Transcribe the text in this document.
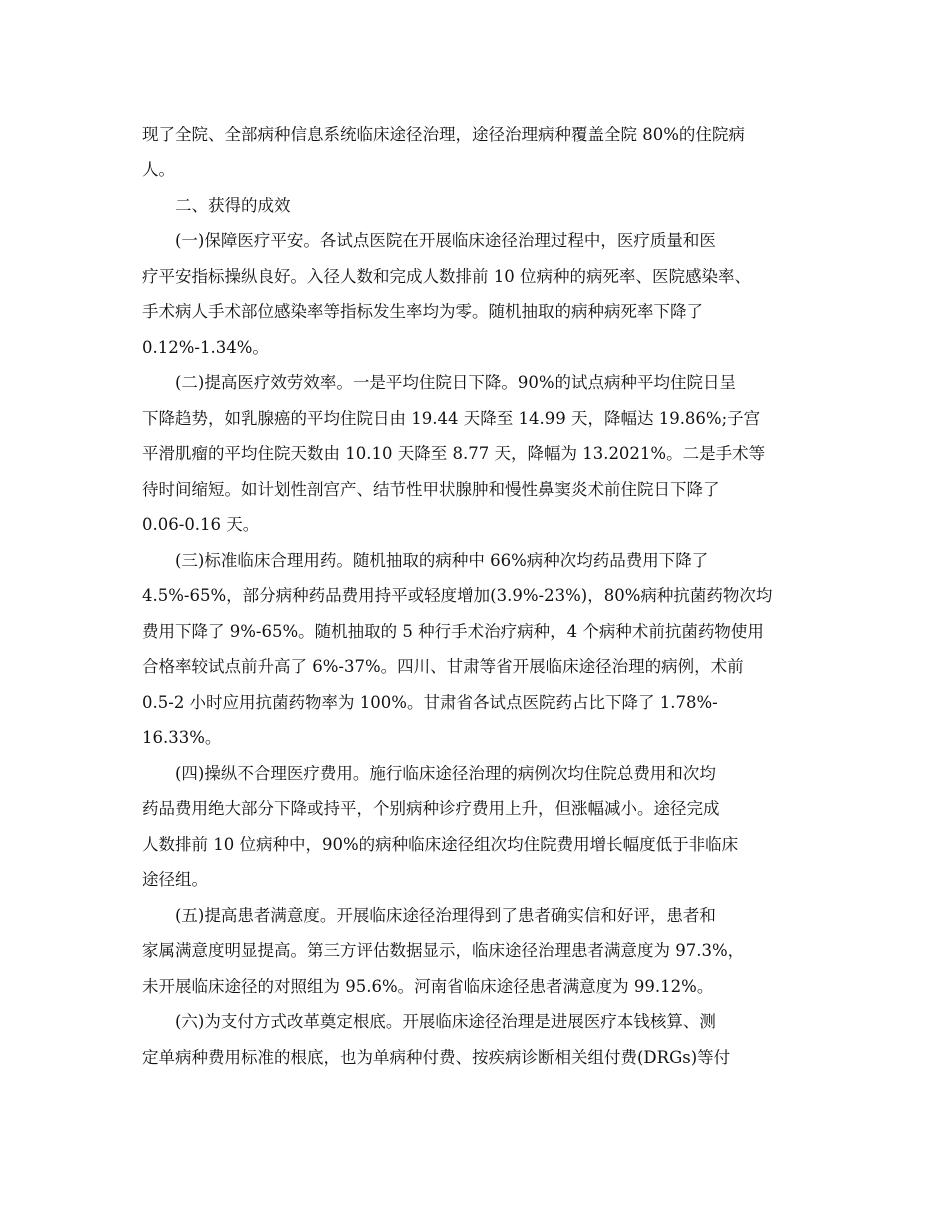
现了全院、全部病种信息系统临床途径治理，途径治理病种覆盖全院 80%的住院病
人。
二、获得的成效
(一)保障医疗平安。各试点医院在开展临床途径治理过程中，医疗质量和医
疗平安指标操纵良好。入径人数和完成人数排前 10 位病种的病死率、医院感染率、
手术病人手术部位感染率等指标发生率均为零。随机抽取的病种病死率下降了
0.12%-1.34%。
(二)提高医疗效劳效率。一是平均住院日下降。90%的试点病种平均住院日呈
下降趋势，如乳腺癌的平均住院日由 19.44 天降至 14.99 天，降幅达 19.86%;子宫
平滑肌瘤的平均住院天数由 10.10 天降至 8.77 天，降幅为 13.2021%。二是手术等
待时间缩短。如计划性剖宫产、结节性甲状腺肿和慢性鼻窦炎术前住院日下降了
0.06-0.16 天。
(三)标准临床合理用药。随机抽取的病种中 66%病种次均药品费用下降了
4.5%-65%，部分病种药品费用持平或轻度增加(3.9%-23%)，80%病种抗菌药物次均
费用下降了 9%-65%。随机抽取的 5 种行手术治疗病种，4 个病种术前抗菌药物使用
合格率较试点前升高了 6%-37%。四川、甘肃等省开展临床途径治理的病例，术前
0.5-2 小时应用抗菌药物率为 100%。甘肃省各试点医院药占比下降了 1.78%-
16.33%。
(四)操纵不合理医疗费用。施行临床途径治理的病例次均住院总费用和次均
药品费用绝大部分下降或持平，个别病种诊疗费用上升，但涨幅减小。途径完成
人数排前 10 位病种中，90%的病种临床途径组次均住院费用增长幅度低于非临床
途径组。
(五)提高患者满意度。开展临床途径治理得到了患者确实信和好评，患者和
家属满意度明显提高。第三方评估数据显示，临床途径治理患者满意度为 97.3%，
未开展临床途径的对照组为 95.6%。河南省临床途径患者满意度为 99.12%。
(六)为支付方式改革奠定根底。开展临床途径治理是进展医疗本钱核算、测
定单病种费用标准的根底，也为单病种付费、按疾病诊断相关组付费(DRGs)等付
